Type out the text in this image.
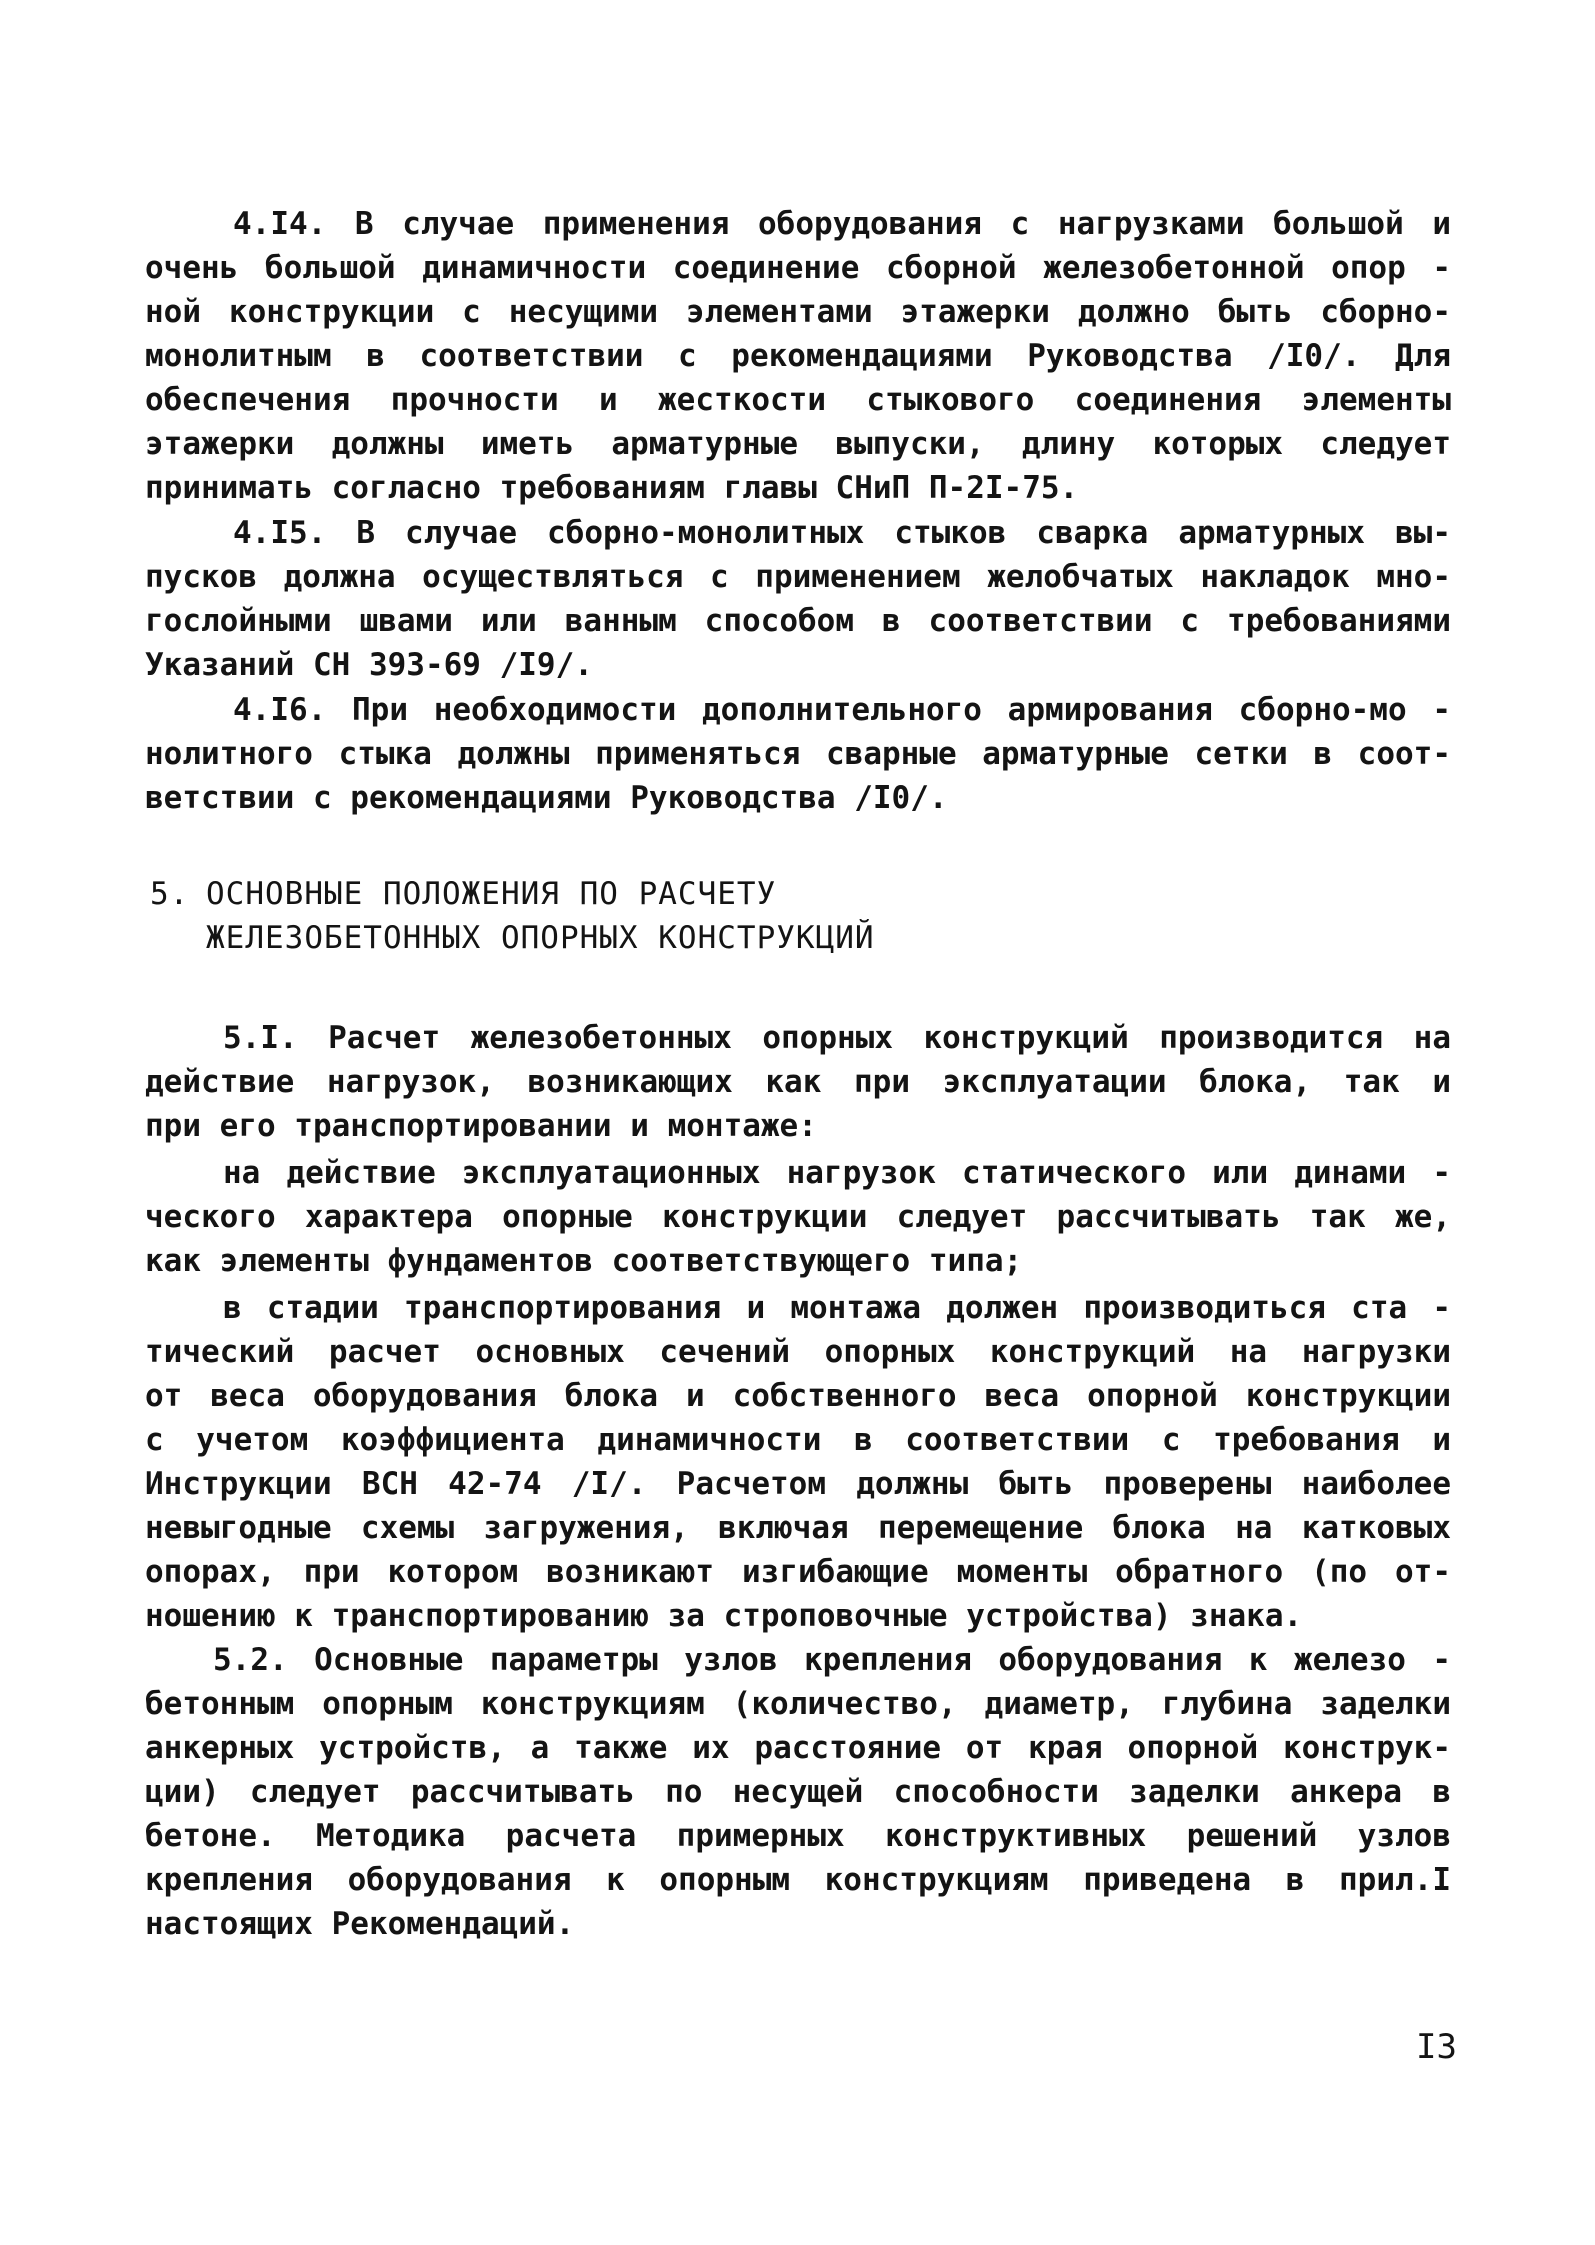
4.I4. В случае применения оборудования с нагрузками большой и
очень большой динамичности соединение сборной железобетонной опор -
ной конструкции с несущими элементами этажерки должно быть сборно-
монолитным в соответствии с рекомендациями Руководства /I0/. Для
обеспечения прочности и жесткости стыкового соединения элементы
этажерки должны иметь арматурные выпуски, длину которых следует
принимать согласно требованиям главы СНиП П-2I-75.
4.I5. В случае сборно-монолитных стыков сварка арматурных вы-
пусков должна осуществляться с применением желобчатых накладок мно-
гослойными швами или ванным способом в соответствии с требованиями
Указаний СН 393-69 /I9/.
4.I6. При необходимости дополнительного армирования сборно-мо -
нолитного стыка должны применяться сварные арматурные сетки в соот-
ветствии с рекомендациями Руководства /I0/.
5. ОСНОВНЫЕ ПОЛОЖЕНИЯ ПО РАСЧЕТУ
ЖЕЛЕЗОБЕТОННЫХ ОПОРНЫХ КОНСТРУКЦИЙ
5.I. Расчет железобетонных опорных конструкций производится на
действие нагрузок, возникающих как при эксплуатации блока, так и
при его транспортировании и монтаже:
на действие эксплуатационных нагрузок статического или динами -
ческого характера опорные конструкции следует рассчитывать так же,
как элементы фундаментов соответствующего типа;
в стадии транспортирования и монтажа должен производиться ста -
тический расчет основных сечений опорных конструкций на нагрузки
от веса оборудования блока и собственного веса опорной конструкции
с учетом коэффициента динамичности в соответствии с требования и
Инструкции ВСН 42-74 /I/. Расчетом должны быть проверены наиболее
невыгодные схемы загружения, включая перемещение блока на катковых
опорах, при котором возникают изгибающие моменты обратного (по от-
ношению к транспортированию за строповочные устройства) знака.
5.2. Основные параметры узлов крепления оборудования к железо -
бетонным опорным конструкциям (количество, диаметр, глубина заделки
анкерных устройств, а также их расстояние от края опорной конструк-
ции) следует рассчитывать по несущей способности заделки анкера в
бетоне. Методика расчета примерных конструктивных решений узлов
крепления оборудования к опорным конструкциям приведена в прил.I
настоящих Рекомендаций.
I3
